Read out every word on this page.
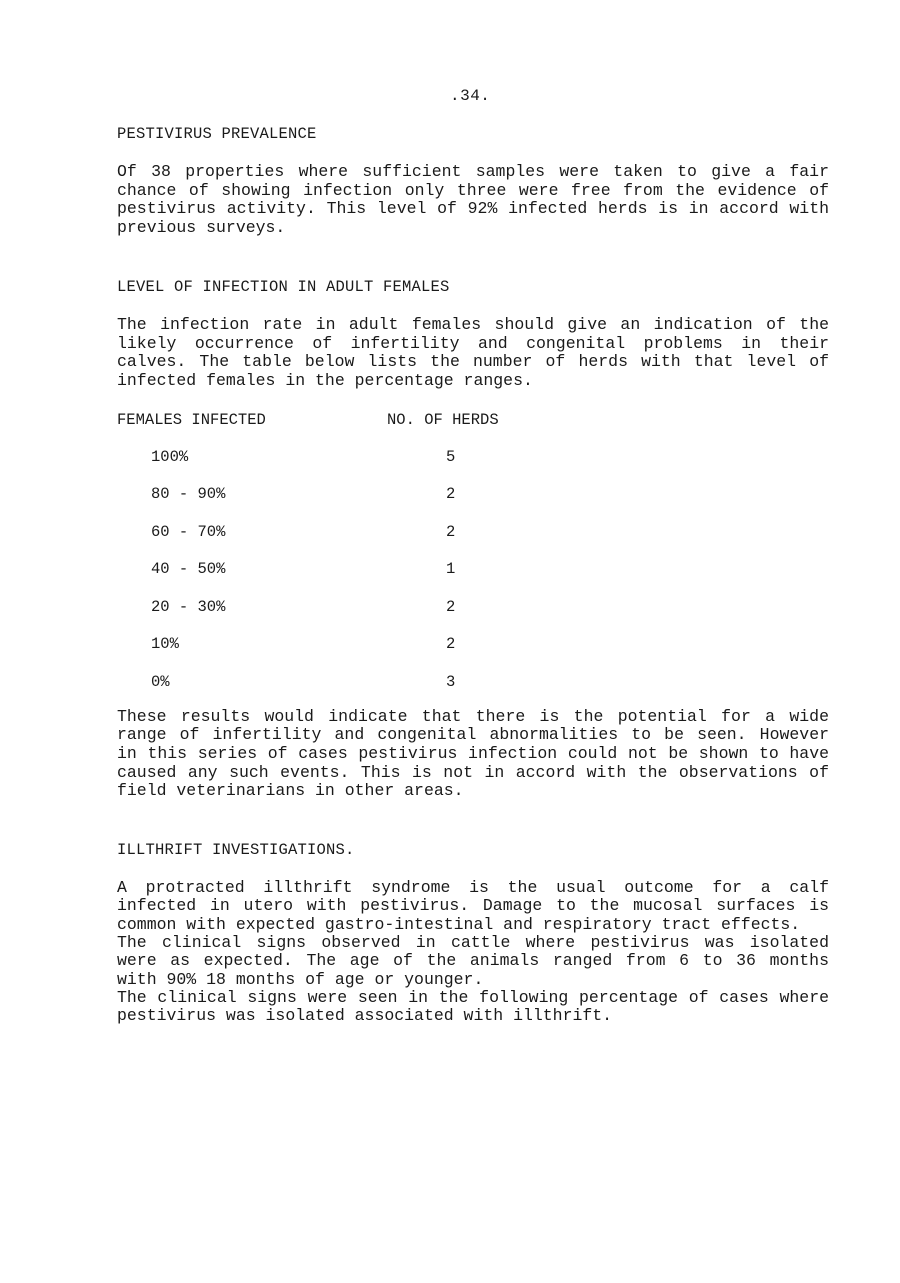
.34.

PESTIVIRUS PREVALENCE

Of 38 properties where sufficient samples were taken to give a fair chance of showing infection only three were free from the evidence of pestivirus activity. This level of 92% infected herds is in accord with previous surveys.

LEVEL OF INFECTION IN ADULT FEMALES

The infection rate in adult females should give an indication of the likely occurrence of infertility and congenital problems in their calves. The table below lists the number of herds with that level of infected females in the percentage ranges.

FEMALES INFECTED	NO. OF HERDS
100%	5
80 - 90%	2
60 - 70%	2
40 - 50%	1
20 - 30%	2
10%	2
0%	3

These results would indicate that there is the potential for a wide range of infertility and congenital abnormalities to be seen. However in this series of cases pestivirus infection could not be shown to have caused any such events. This is not in accord with the observations of field veterinarians in other areas.

ILLTHRIFT INVESTIGATIONS.

A protracted illthrift syndrome is the usual outcome for a calf infected in utero with pestivirus. Damage to the mucosal surfaces is common with expected gastro-intestinal and respiratory tract effects.

The clinical signs observed in cattle where pestivirus was isolated were as expected. The age of the animals ranged from 6 to 36 months with 90% 18 months of age or younger.

The clinical signs were seen in the following percentage of cases where pestivirus was isolated associated with illthrift.
